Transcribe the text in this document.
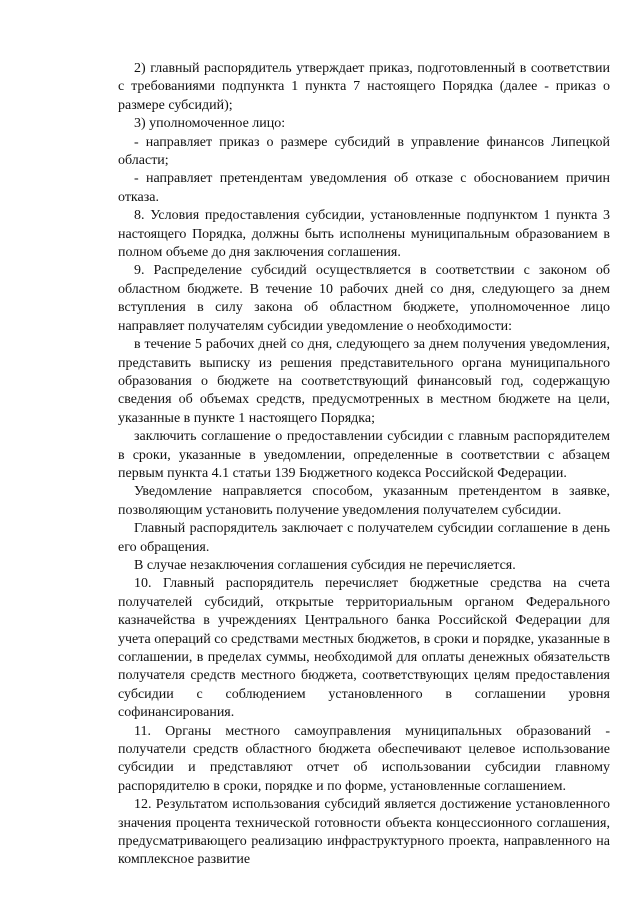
2) главный распорядитель утверждает приказ, подготовленный в соответствии с требованиями подпункта 1 пункта 7 настоящего Порядка (далее - приказ о размере субсидий);

3) уполномоченное лицо:

- направляет приказ о размере субсидий в управление финансов Липецкой области;

- направляет претендентам уведомления об отказе с обоснованием причин отказа.

8. Условия предоставления субсидии, установленные подпунктом 1 пункта 3 настоящего Порядка, должны быть исполнены муниципальным образованием в полном объеме до дня заключения соглашения.

9. Распределение субсидий осуществляется в соответствии с законом об областном бюджете. В течение 10 рабочих дней со дня, следующего за днем вступления в силу закона об областном бюджете, уполномоченное лицо направляет получателям субсидии уведомление о необходимости:

в течение 5 рабочих дней со дня, следующего за днем получения уведомления, представить выписку из решения представительного органа муниципального образования о бюджете на соответствующий финансовый год, содержащую сведения об объемах средств, предусмотренных в местном бюджете на цели, указанные в пункте 1 настоящего Порядка;

заключить соглашение о предоставлении субсидии с главным распорядителем в сроки, указанные в уведомлении, определенные в соответствии с абзацем первым пункта 4.1 статьи 139 Бюджетного кодекса Российской Федерации.

Уведомление направляется способом, указанным претендентом в заявке, позволяющим установить получение уведомления получателем субсидии.

Главный распорядитель заключает с получателем субсидии соглашение в день его обращения.

В случае незаключения соглашения субсидия не перечисляется.

10. Главный распорядитель перечисляет бюджетные средства на счета получателей субсидий, открытые территориальным органом Федерального казначейства в учреждениях Центрального банка Российской Федерации для учета операций со средствами местных бюджетов, в сроки и порядке, указанные в соглашении, в пределах суммы, необходимой для оплаты денежных обязательств получателя средств местного бюджета, соответствующих целям предоставления субсидии с соблюдением установленного в соглашении уровня софинансирования.

11. Органы местного самоуправления муниципальных образований - получатели средств областного бюджета обеспечивают целевое использование субсидии и представляют отчет об использовании субсидии главному распорядителю в сроки, порядке и по форме, установленные соглашением.

12. Результатом использования субсидий является достижение установленного значения процента технической готовности объекта концессионного соглашения, предусматривающего реализацию инфраструктурного проекта, направленного на комплексное развитие
